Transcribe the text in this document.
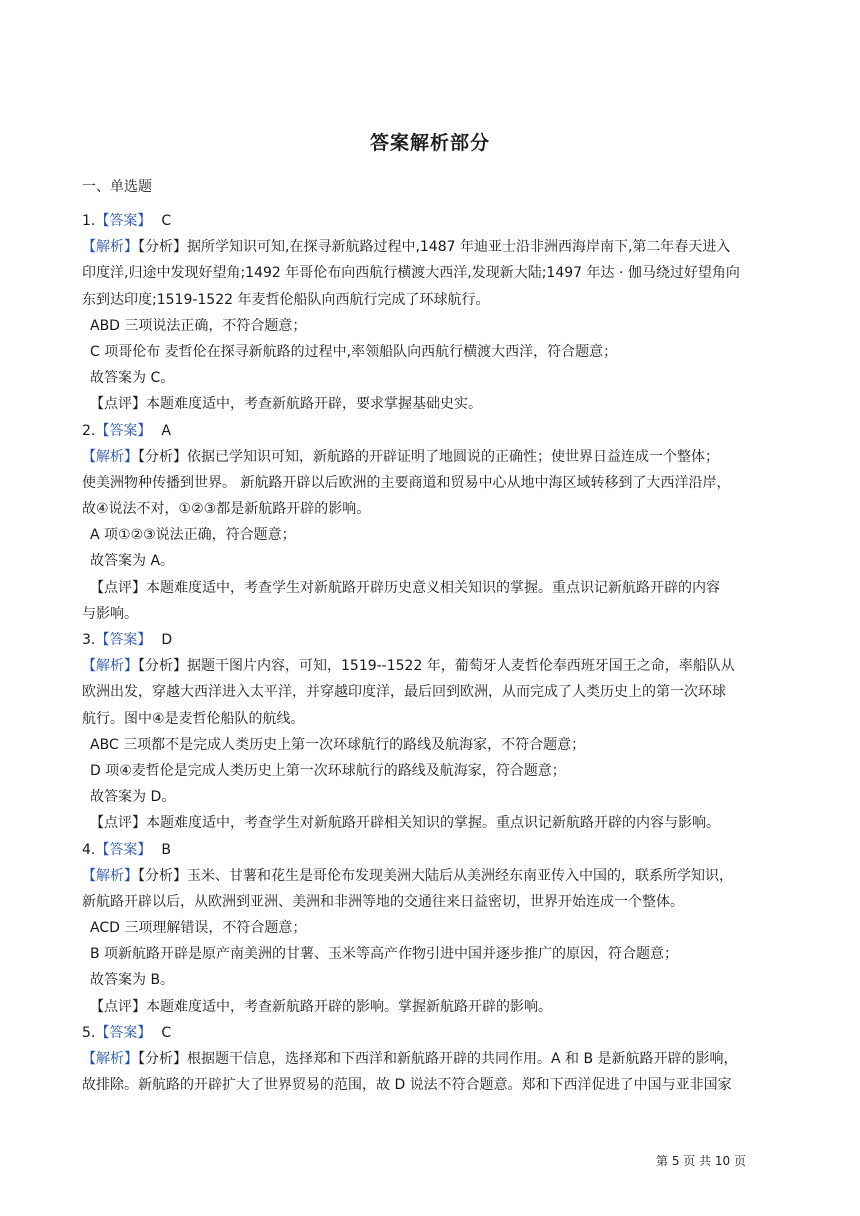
答案解析部分
一、单选题
1.【答案】 C
【解析】【分析】据所学知识可知,在探寻新航路过程中,1487 年迪亚士沿非洲西海岸南下,第二年春天进入
印度洋,归途中发现好望角;1492 年哥伦布向西航行横渡大西洋,发现新大陆;1497 年达 · 伽马绕过好望角向
东到达印度;1519-1522 年麦哲伦船队向西航行完成了环球航行。
ABD 三项说法正确，不符合题意；
C 项哥伦布 麦哲伦在探寻新航路的过程中,率领船队向西航行横渡大西洋，符合题意；
故答案为 C。
【点评】本题难度适中，考查新航路开辟，要求掌握基础史实。
2.【答案】 A
【解析】【分析】依据已学知识可知，新航路的开辟证明了地圆说的正确性；使世界日益连成一个整体；
使美洲物种传播到世界。 新航路开辟以后欧洲的主要商道和贸易中心从地中海区域转移到了大西洋沿岸，
故④说法不对，①②③都是新航路开辟的影响。
A 项①②③说法正确，符合题意；
故答案为 A。
【点评】本题难度适中，考查学生对新航路开辟历史意义相关知识的掌握。重点识记新航路开辟的内容
与影响。
3.【答案】 D
【解析】【分析】据题干图片内容，可知，1519--1522 年，葡萄牙人麦哲伦奉西班牙国王之命，率船队从
欧洲出发，穿越大西洋进入太平洋，并穿越印度洋，最后回到欧洲，从而完成了人类历史上的第一次环球
航行。图中④是麦哲伦船队的航线。
ABC 三项都不是完成人类历史上第一次环球航行的路线及航海家，不符合题意；
D 项④麦哲伦是完成人类历史上第一次环球航行的路线及航海家，符合题意；
故答案为 D。
【点评】本题难度适中，考查学生对新航路开辟相关知识的掌握。重点识记新航路开辟的内容与影响。
4.【答案】 B
【解析】【分析】玉米、甘薯和花生是哥伦布发现美洲大陆后从美洲经东南亚传入中国的，联系所学知识，
新航路开辟以后，从欧洲到亚洲、美洲和非洲等地的交通往来日益密切，世界开始连成一个整体。
ACD 三项理解错误，不符合题意；
B 项新航路开辟是原产南美洲的甘薯、玉米等高产作物引进中国并逐步推广的原因，符合题意；
故答案为 B。
【点评】本题难度适中，考查新航路开辟的影响。掌握新航路开辟的影响。
5.【答案】 C
【解析】【分析】根据题干信息，选择郑和下西洋和新航路开辟的共同作用。A 和 B 是新航路开辟的影响，
故排除。新航路的开辟扩大了世界贸易的范围，故 D 说法不符合题意。郑和下西洋促进了中国与亚非国家
第 5 页 共 10 页
